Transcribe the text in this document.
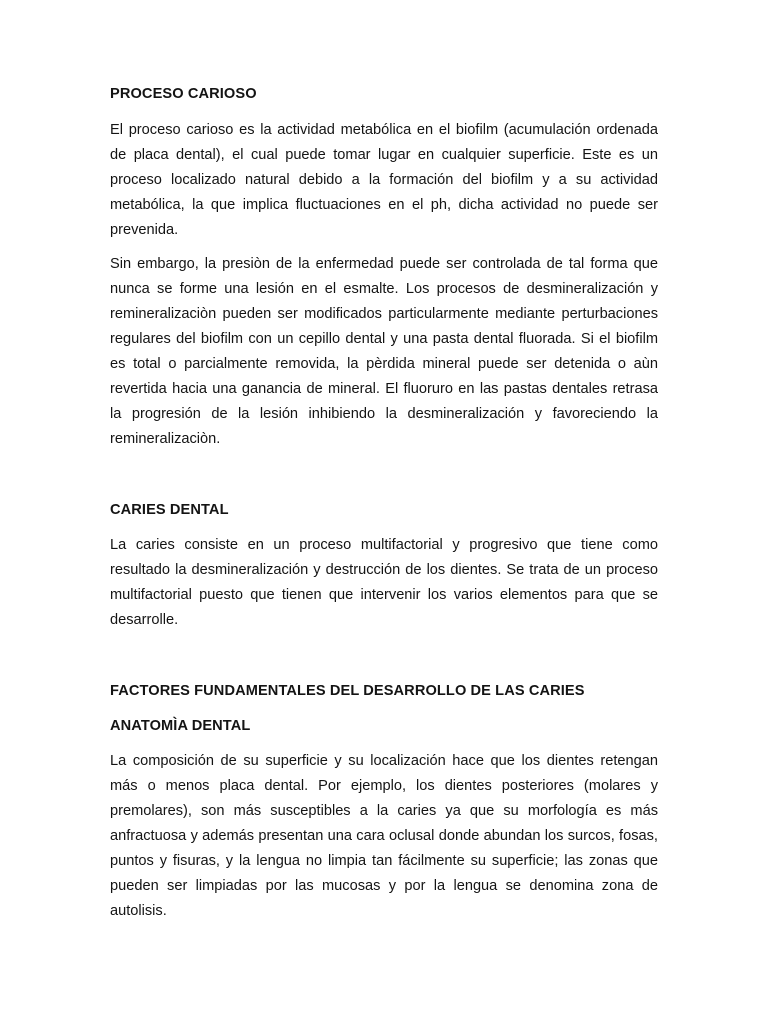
PROCESO CARIOSO

El proceso carioso es la actividad metabólica en el biofilm (acumulación ordenada de placa dental), el cual puede tomar lugar en cualquier superficie. Este es un proceso localizado natural debido a la formación del biofilm y a su actividad metabólica, la que implica fluctuaciones en el ph, dicha actividad no puede ser prevenida.

Sin embargo, la presiòn de la enfermedad puede ser controlada de tal forma que nunca se forme una lesión en el esmalte. Los procesos de desmineralización y remineralizaciòn pueden ser modificados particularmente mediante perturbaciones regulares del biofilm con un cepillo dental y una pasta dental fluorada. Si el biofilm es total o parcialmente removida, la pèrdida mineral puede ser detenida o aùn revertida hacia una ganancia de mineral. El fluoruro en las pastas dentales retrasa la progresión de la lesión inhibiendo la desmineralización y favoreciendo la remineralizaciòn.

CARIES DENTAL

La caries consiste en un proceso multifactorial y progresivo que tiene como resultado la desmineralización y destrucción de los dientes. Se trata de un proceso multifactorial puesto que tienen que intervenir los varios elementos para que se desarrolle.

FACTORES FUNDAMENTALES DEL DESARROLLO DE LAS CARIES
ANATOMÌA DENTAL

La composición de su superficie y su localización hace que los dientes retengan más o menos placa dental. Por ejemplo, los dientes posteriores (molares y premolares), son más susceptibles a la caries ya que su morfología es más anfractuosa y además presentan una cara oclusal donde abundan los surcos, fosas, puntos y fisuras, y la lengua no limpia tan fácilmente su superficie; las zonas que pueden ser limpiadas por las mucosas y por la lengua se denomina zona de autolisis.
